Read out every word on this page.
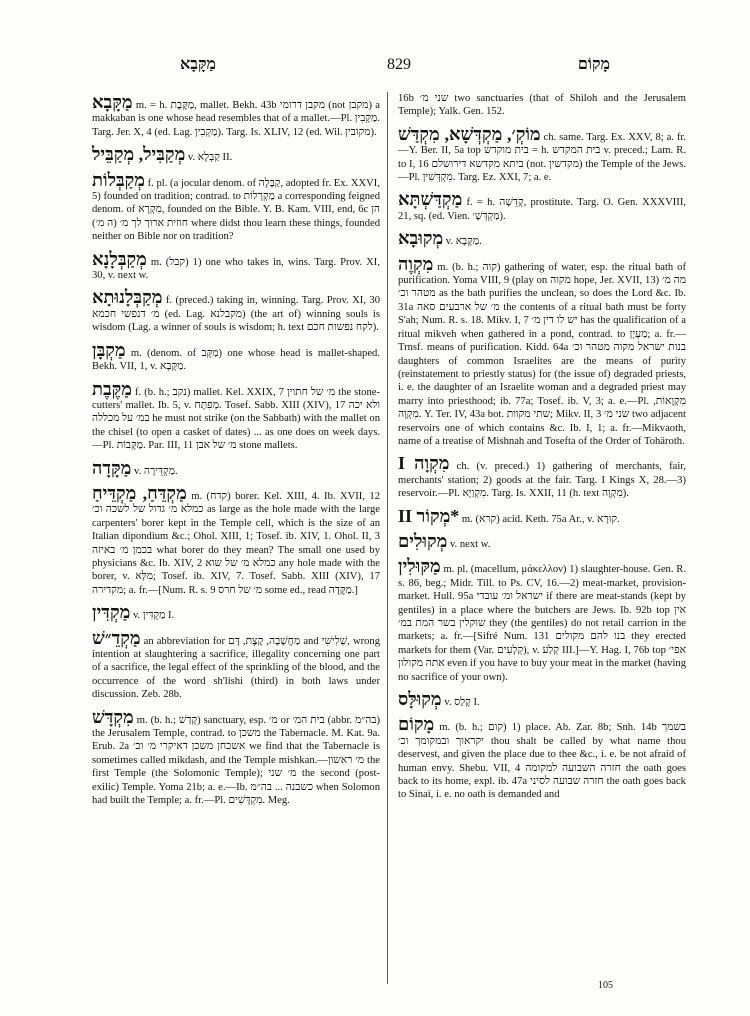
מַקָּבָא	829	מָקוֹם

מַקָּבָא m. = h. מַקֶּבֶת, mallet. Bekh. 43b מקבן דרומי (not מקבן) a makkaban is one whose head resembles that of a mallet.—Pl. מַקָּבִין. Targ. Jer. X, 4 (ed. Lag. מַקְבִין). Targ. Is. XLIV, 12 (ed. Wil. מקובין).

מְקַבִּיל, מְקַבֵּיל v. קַבְּלָא II.

מְקַבְּלוֹת f. pl. (a jocular denom. of קַבָּלָה, adopted fr. Ex. XXVI, 5) founded on tradition; contrad. to מַקְרְלוֹת a corresponding feigned denom. of מִקְרָא, founded on the Bible. Y. B. Kam. VIII, end, 6c הן חוזית ארוך לך מ׳ (ה מ׳) where didst thou learn these things, founded neither on Bible nor on tradition?

מְקַבְּלָנָא m. (קבל) 1) one who takes in, wins. Targ. Prov. XI, 30, v. next w.

מְקַבְּלָנוּתָא f. (preced.) taking in, winning. Targ. Prov. XI, 30 מ׳ דנפשי חכמא (ed. Lag. מקבלנא) (the art of) winning souls is wisdom (Lag. a winner of souls is wisdom; h. text לקח נפשות חכם).

מַקְבָּן m. (denom. of מַקָּב) one whose head is mallet-shaped. Bekh. VII, 1, v. מַקָּבָא.

מַקֶּבֶת f. (b. h.; נקב) mallet. Kel. XXIX, 7 מ׳ של חתוין the stone-cutters' mallet. Ib. 5, v. מְפִתָּח. Tosef. Sabb. XIII (XIV), 17 ולא יכה במ׳ על מכללה he must not strike (on the Sabbath) with the mallet on the chisel (to open a casket of dates) ... as one does on week days.—Pl. מַקָּבוֹת. Par. III, 11 מ׳ של אבן stone mallets.

מַקָּדָה v. מַקְדֵּירָה.

מַקְדֵּחַ, מַקְדֵּיחַ m. (קדח) borer. Kel. XIII, 4. Ib. XVII, 12 כמלא מ׳ גדול של לשכה וכ׳ as large as the hole made with the large carpenters' borer kept in the Temple cell, which is the size of an Italian dipondium &c.; Ohol. XIII, 1; Tosef. ib. XIV, 1. Ohol. II, 3 בכמן מ׳ באיזה what borer do they mean? The small one used by physicians &c. Ib. XIV, 2 כמלא מ׳ של שוא any hole made with the borer, v. מִלָּא; Tosef. ib. XIV, 7. Tosef. Sabb. XIII (XIV), 17 מקדירה; a. fr.—[Num. R. s. 9 מ׳ של חרס some ed., read מַקֶּדָה.]

מַקְדִּין v. מַקְדִּין I.

מַקְדֵ״שׁ an abbreviation for מַחֲשָׁבָה, קֶצֶת, דָּם and שְׁלִישִׁי, wrong intention at slaughtering a sacrifice, illegality concerning one part of a sacrifice, the legal effect of the sprinkling of the blood, and the occurrence of the word sh'lishi (third) in both laws under discussion. Zeb. 28b.

מִקְדָּשׁ m. (b. h.; קָדַשׁ) sanctuary, esp. מ׳ or בית המ׳ (abbr. בה״מ) the Jerusalem Temple, contrad. to משכן the Tabernacle. M. Kat. 9a. Erub. 2a אשכחן משכן דאיקרי מ׳ וכ׳ we find that the Tabernacle is sometimes called mikdash, and the Temple mishkan.—מ׳ ראשון the first Temple (the Solomonic Temple); מ׳ שני the second (post-exilic) Temple. Yoma 21b; a. e.—Ib. כשבנה ... בה״מ when Solomon had built the Temple; a. fr.—Pl. מִקְדָּשִׁים. Meg.

16b שני מ׳ two sanctuaries (that of Shiloh and the Jerusalem Temple); Yalk. Gen. 152.

מוֹקְ׳, מַקְדְּשָׁא, מִקְדַּשׁ ch. same. Targ. Ex. XXV, 8; a. fr.—Y. Ber. II, 5a top בית מוקדש = h. בית המקדש v. preced.; Lam. R. to I, 16 ביתא מקדשא דירושלם (not. מקדשין) the Temple of the Jews.—Pl. מִקְדְּשִׁין. Targ. Ez. XXI, 7; a. e.

מַקְדַּשְׁתָּא f. = h. קְדֵשָׁה, prostitute. Targ. O. Gen. XXXVIII, 21, sq. (ed. Vien. מַקְדְּשָׁ׳).

מְקוּבָא v. מַקָּבָא.

מִקְוֶה m. (b. h.; קוה) gathering of water, esp. the ritual bath of purification. Yoma VIII, 9 (play on מקוה hope, Jer. XVII, 13) מה מ׳ מטהר וכ׳ as the bath purifies the unclean, so does the Lord &c. Ib. 31a מ׳ של ארבעים סאה the contents of a ritual bath must be forty S'ah; Num. R. s. 18. Mikv. I, 7 יש לו דין מ׳ has the qualification of a ritual mikveh when gathered in a pond, contrad. to מַעְיָן; a. fr.—Trnsf. means of purification. Kidd. 64a בנות ישראל מקוה מטהר וכ׳ daughters of common Israelites are the means of purity (reinstatement to priestly status) for (the issue of) degraded priests, i. e. the daughter of an Israelite woman and a degraded priest may marry into priesthood; ib. 77a; Tosef. ib. V, 3; a. e.—Pl. מִקְוָאוֹת, מִקְוָה. Y. Ter. IV, 43a bot. שתי מקוות; Mikv. II, 3 שני מ׳ two adjacent reservoirs one of which contains &c. Ib. I, 1; a. fr.—Mikvaoth, name of a treatise of Mishnah and Tosefta of the Order of Tohäroth.

מִקְוָה I ch. (v. preced.) 1) gathering of merchants, fair, merchants' station; 2) goods at the fair. Targ. I Kings X, 28.—3) reservoir.—Pl. מִקְוַיָא. Targ. Is. XXII, 11 (h. text מִקְוָה).

*מְקוֹר II m. (קרא) acid. Keth. 75a Ar., v. קוּרָא.

מְקוּלִים v. next w.

מַקּוּלִין m. pl. (macellum, μάκελλον) 1) slaughter-house. Gen. R. s. 86, beg.; Midr. Till. to Ps. CV, 16.—2) meat-market, provision-market. Hull. 95a ישראל ומ׳ עובדי if there are meat-stands (kept by gentiles) in a place where the butchers are Jews. Ib. 92b top אין שוקלין בשר המת במ׳ they (the gentiles) do not retail carrion in the markets; a. fr.—[Sifré Num. 131 בנו להם מקולים they erected markets for them (Var. קְלָעִים), v. קְלַע III.]—Y. Hag. I, 76b top אפי׳ אתה מקולון even if you have to buy your meat in the market (having no sacrifice of your own).

מְקוּלָּס v. קָלַס I.

מָקוֹם m. (b. h.; קום) 1) place. Ab. Zar. 8b; Snh. 14b בשמך יקראוך ובמקומך וכ׳ thou shalt be called by what name thou deservest, and given the place due to thee &c., i. e. be not afraid of human envy. Shebu. VII, 4 חזרה השבועה למקומה the oath goes back to its home, expl. ib. 47a חזרה שבועה לסיני the oath goes back to Sinai, i. e. no oath is demanded and

105
